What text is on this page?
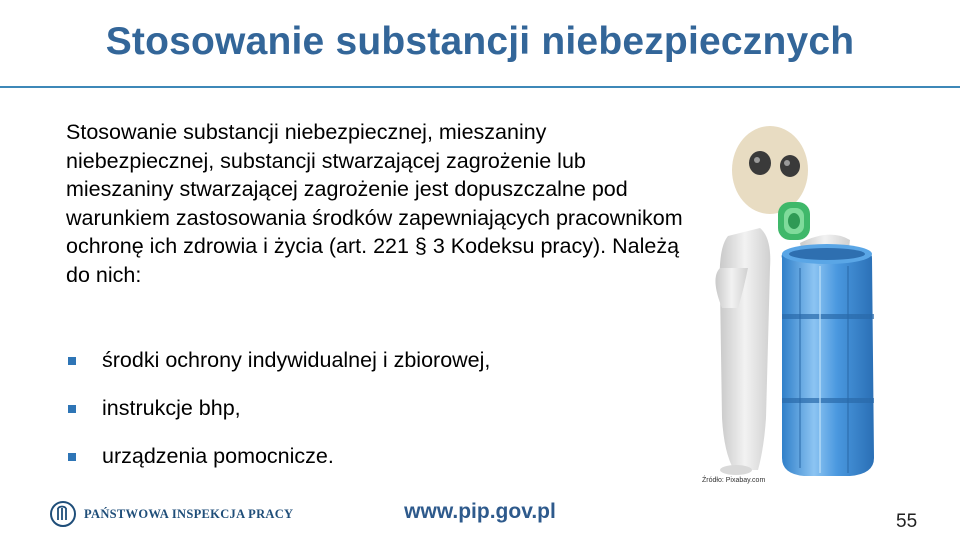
Stosowanie substancji niebezpiecznych
Stosowanie substancji niebezpiecznej, mieszaniny niebezpiecznej, substancji stwarzającej zagrożenie lub mieszaniny stwarzającej zagrożenie jest dopuszczalne pod warunkiem zastosowania środków zapewniających pracownikom ochronę ich zdrowia i życia (art. 221 § 3 Kodeksu pracy). Należą do nich:
środki ochrony indywidualnej i zbiorowej,
instrukcje bhp,
urządzenia pomocnicze.
Źródło: Pixabay.com
PAŃSTWOWA INSPEKCJA PRACY	www.pip.gov.pl	55
